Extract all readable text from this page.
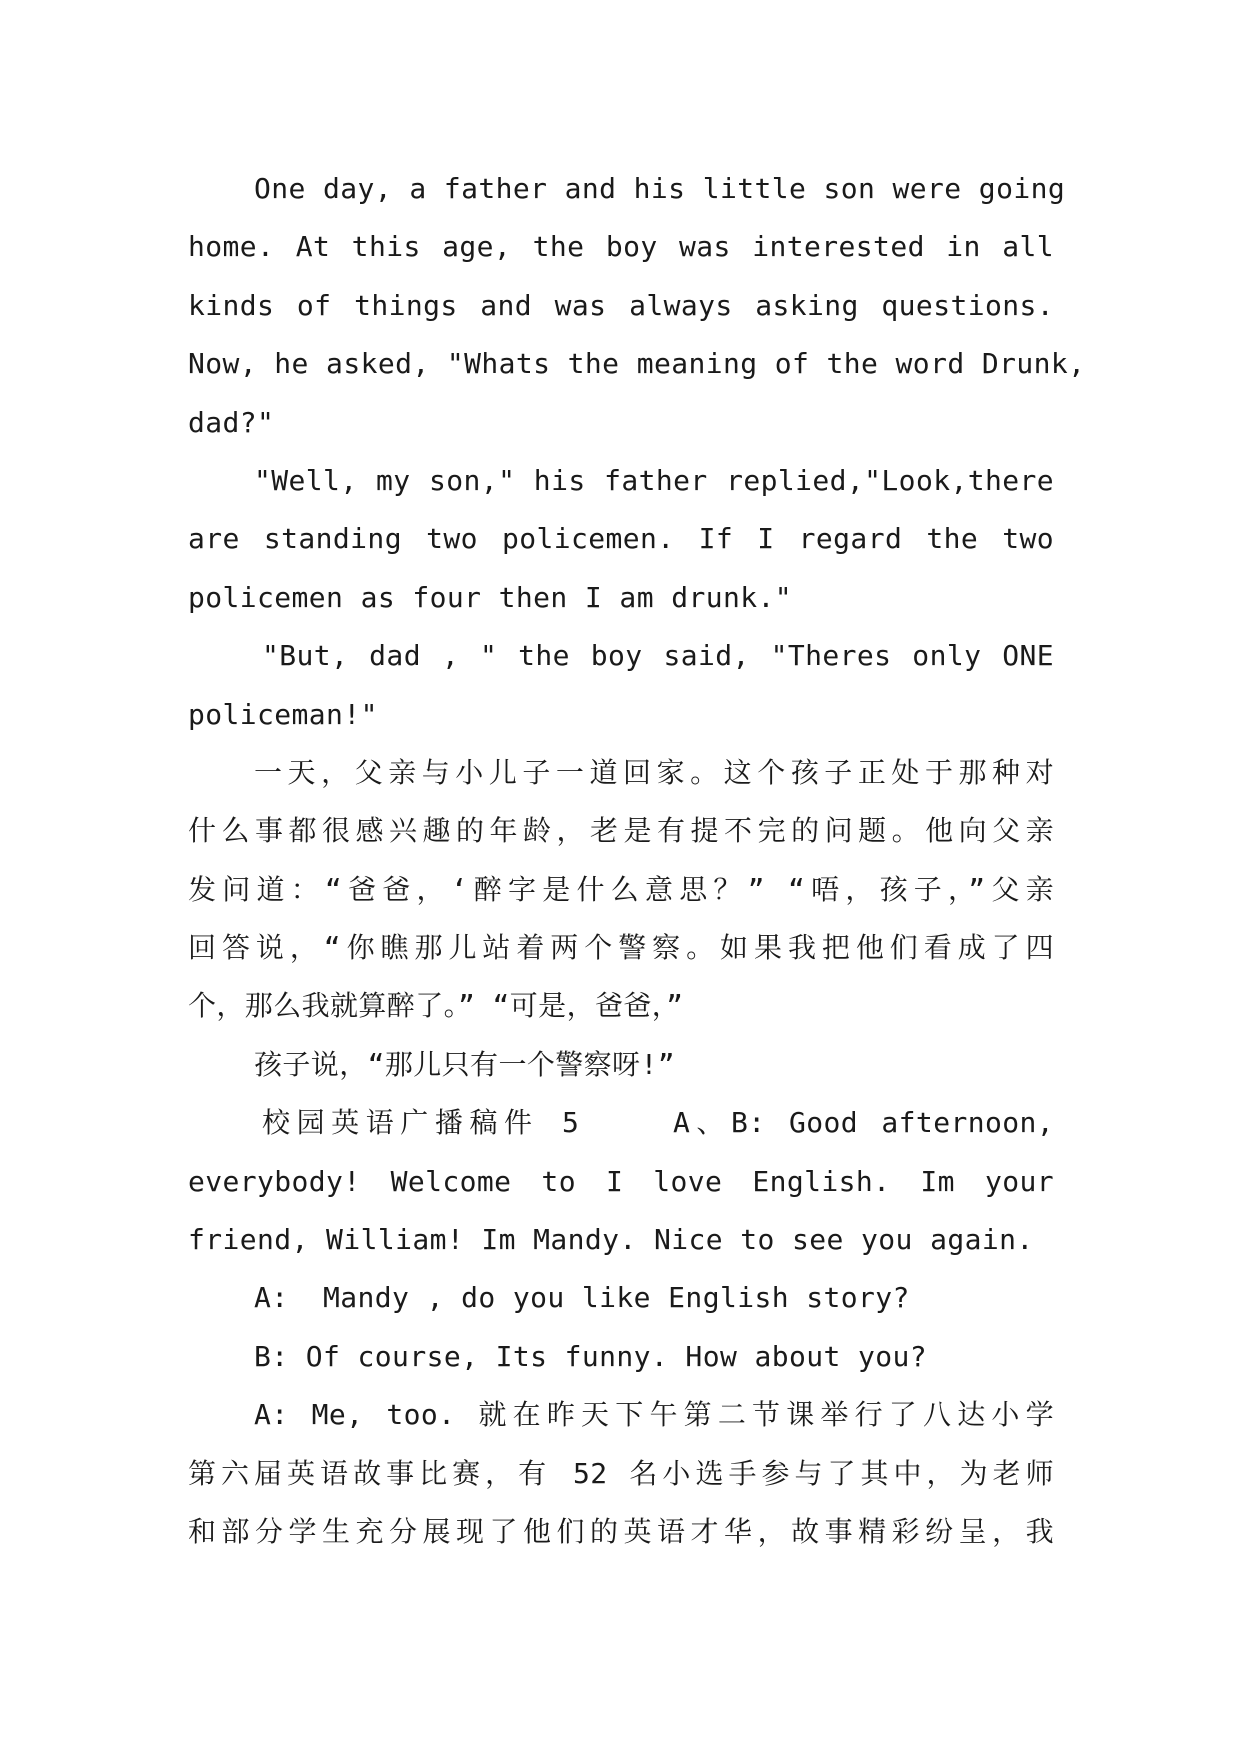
One day, a father and his little son were going
home. At this age, the boy was interested in all
kinds of things and was always asking questions.
Now, he asked, "Whats the meaning of the word Drunk,
dad?"
"Well, my son," his father replied,"Look,there
are standing two policemen. If I regard the two
policemen as four then I am drunk."
"But, dad , " the boy said, "Theres only ONE
policeman!"
一天，父亲与小儿子一道回家。这个孩子正处于那种对
什么事都很感兴趣的年龄，老是有提不完的问题。他向父亲
发问道：“爸爸，‘醉字是什么意思？” “唔，孩子，”父亲
回答说，“你瞧那儿站着两个警察。如果我把他们看成了四
个，那么我就算醉了。” “可是，爸爸，”
孩子说，“那儿只有一个警察呀!”
校园英语广播稿件 5    A、B: Good afternoon,
everybody! Welcome to I love English. Im your
friend, William! Im Mandy. Nice to see you again.
A:  Mandy , do you like English story?
B: Of course, Its funny. How about you?
A: Me, too. 就在昨天下午第二节课举行了八达小学
第六届英语故事比赛，有 52 名小选手参与了其中，为老师
和部分学生充分展现了他们的英语才华，故事精彩纷呈，我
